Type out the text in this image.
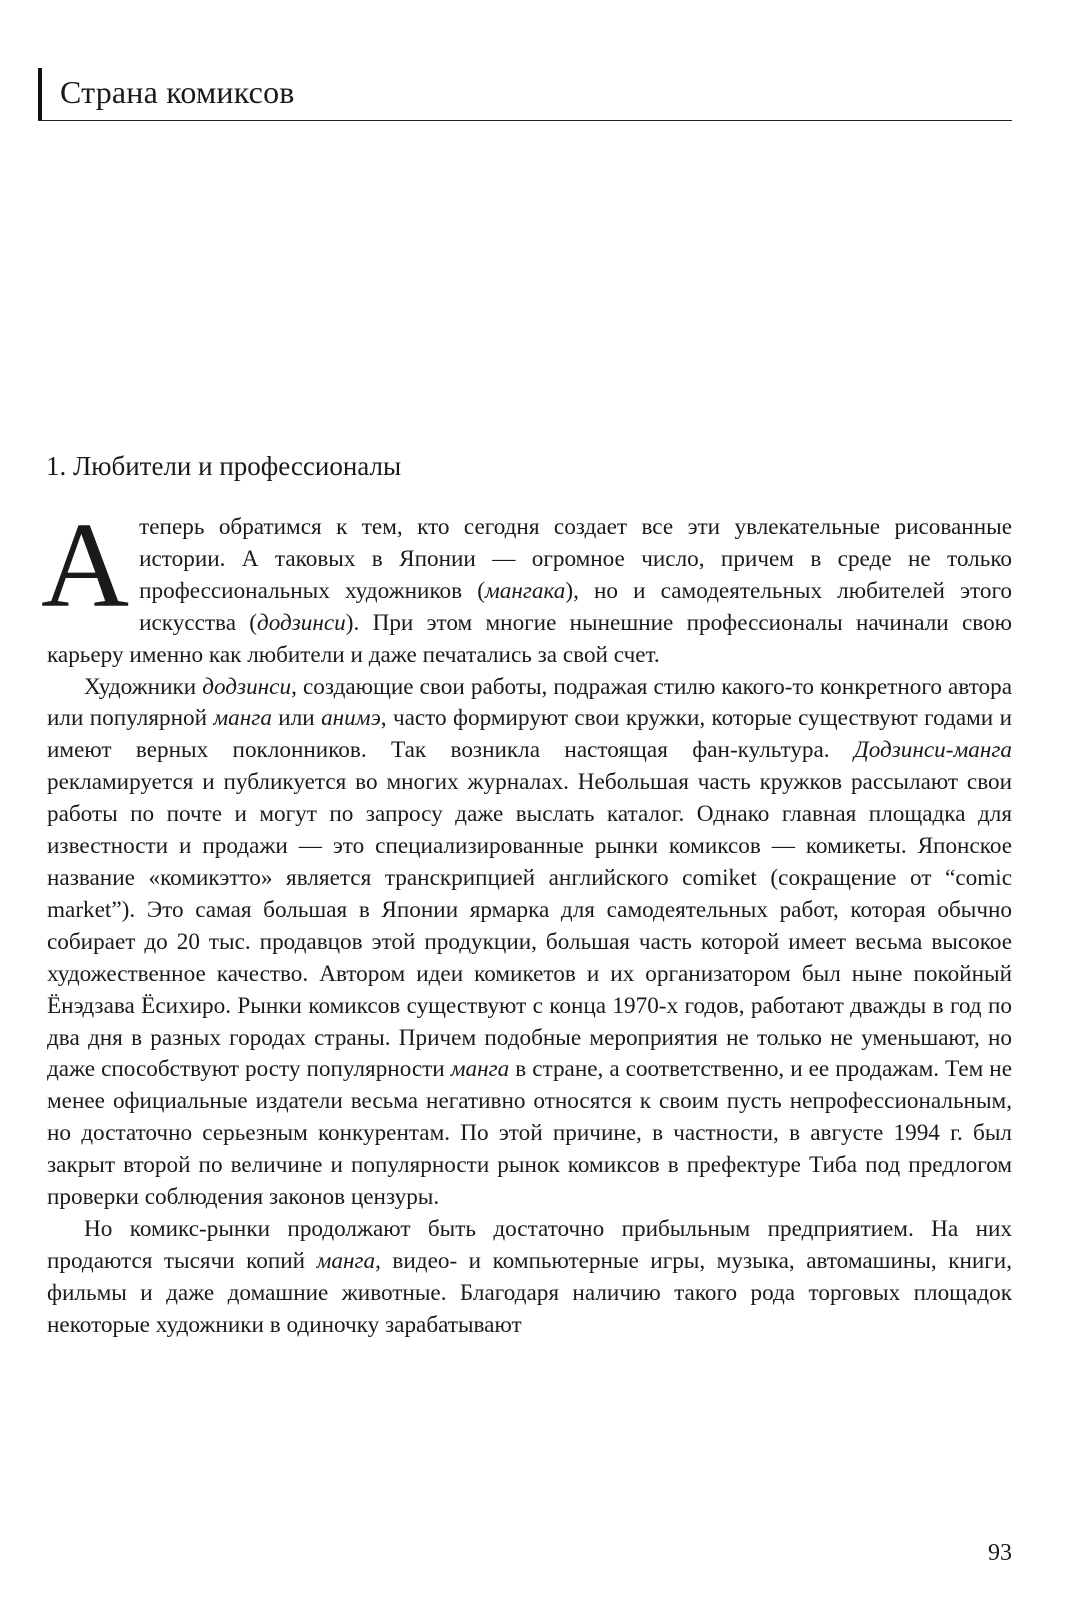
Страна комиксов
1. Любители и профессионалы

А теперь обратимся к тем, кто сегодня создает все эти увлекательные рисованные истории. А таковых в Японии — огромное число, причем в среде не только профессиональных художников (мангака), но и самодеятельных любителей этого искусства (додзинси). При этом многие нынешние профессионалы начинали свою карьеру именно как любители и даже печатались за свой счет.

Художники додзинси, создающие свои работы, подражая стилю какого-то конкретного автора или популярной манга или анимэ, часто формируют свои кружки, которые существуют годами и имеют верных поклонников. Так возникла настоящая фан-культура. Додзинси-манга рекламируется и публикуется во многих журналах. Небольшая часть кружков рассылают свои работы по почте и могут по запросу даже выслать каталог. Однако главная площадка для известности и продажи — это специализированные рынки комиксов — комикеты. Японское название «комикэтто» является транскрипцией английского comiket (сокращение от “comic market”). Это самая большая в Японии ярмарка для самодеятельных работ, которая обычно собирает до 20 тыс. продавцов этой продукции, большая часть которой имеет весьма высокое художественное качество. Автором идеи комикетов и их организатором был ныне покойный Ёнэдзава Ёсихиро. Рынки комиксов существуют с конца 1970-х годов, работают дважды в год по два дня в разных городах страны. Причем подобные мероприятия не только не уменьшают, но даже способствуют росту популярности манга в стране, а соответственно, и ее продажам. Тем не менее официальные издатели весьма негативно относятся к своим пусть непрофессиональным, но достаточно серьезным конкурентам. По этой причине, в частности, в августе 1994 г. был закрыт второй по величине и популярности рынок комиксов в префектуре Тиба под предлогом проверки соблюдения законов цензуры.

Но комикс-рынки продолжают быть достаточно прибыльным предприятием. На них продаются тысячи копий манга, видео- и компьютерные игры, музыка, автомашины, книги, фильмы и даже домашние животные. Благодаря наличию такого рода торговых площадок некоторые художники в одиночку зарабатывают

93
